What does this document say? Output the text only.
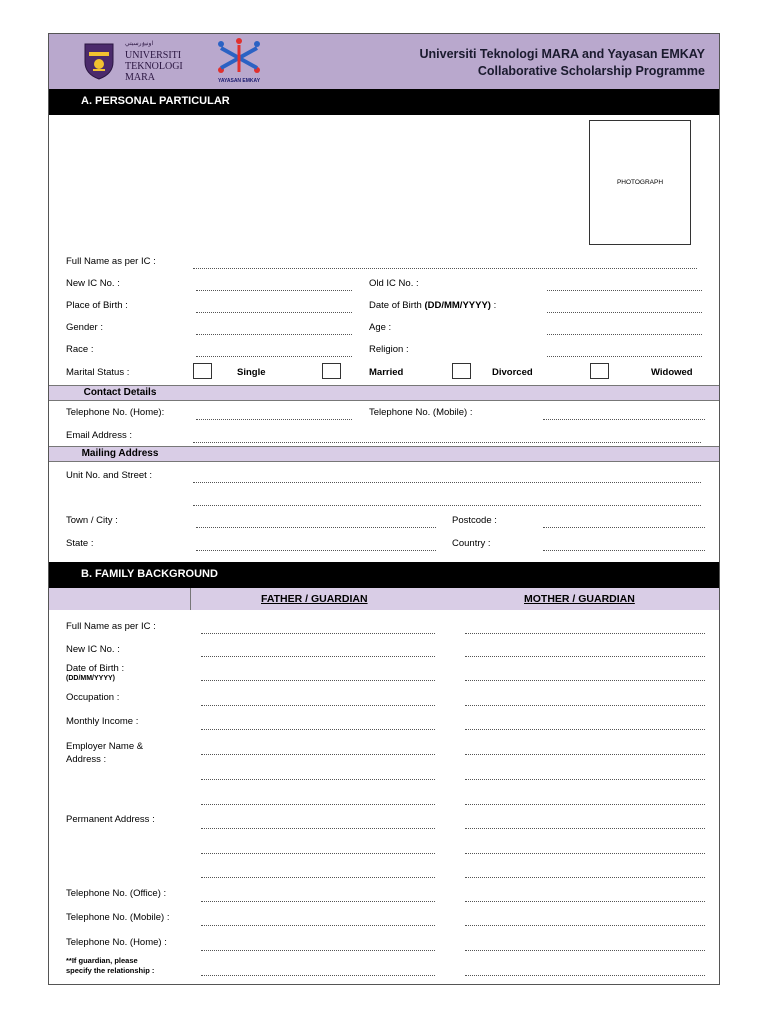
ﺍﻭﻧﻴۏﺭﺳﻴﺘﻲ
UNIVERSITI
TEKNOLOGI
MARA	YAYASAN EMKAY
Universiti Teknologi MARA and Yayasan EMKAY
Collaborative Scholarship Programme
A. PERSONAL PARTICULAR
PHOTOGRAPH
Full Name as per IC :
New IC No. :	Old IC No. :
Place of Birth :	Date of Birth (DD/MM/YYYY) :
Gender :	Age :
Race :	Religion :
Marital Status :	Single	Married	Divorced	Widowed
Contact Details
Telephone No. (Home):	Telephone No. (Mobile) :
Email Address :
Mailing Address
Unit No. and Street :
Town / City :	Postcode :
State :	Country :
B. FAMILY BACKGROUND
FATHER / GUARDIAN	MOTHER / GUARDIAN
Full Name as per IC :
New IC No. :
Date of Birth :
(DD/MM/YYYY)
Occupation :
Monthly Income :
Employer Name &
Address :
Permanent Address :
Telephone No. (Office) :
Telephone No. (Mobile) :
Telephone No. (Home) :
**If guardian, please
specify the relationship :
